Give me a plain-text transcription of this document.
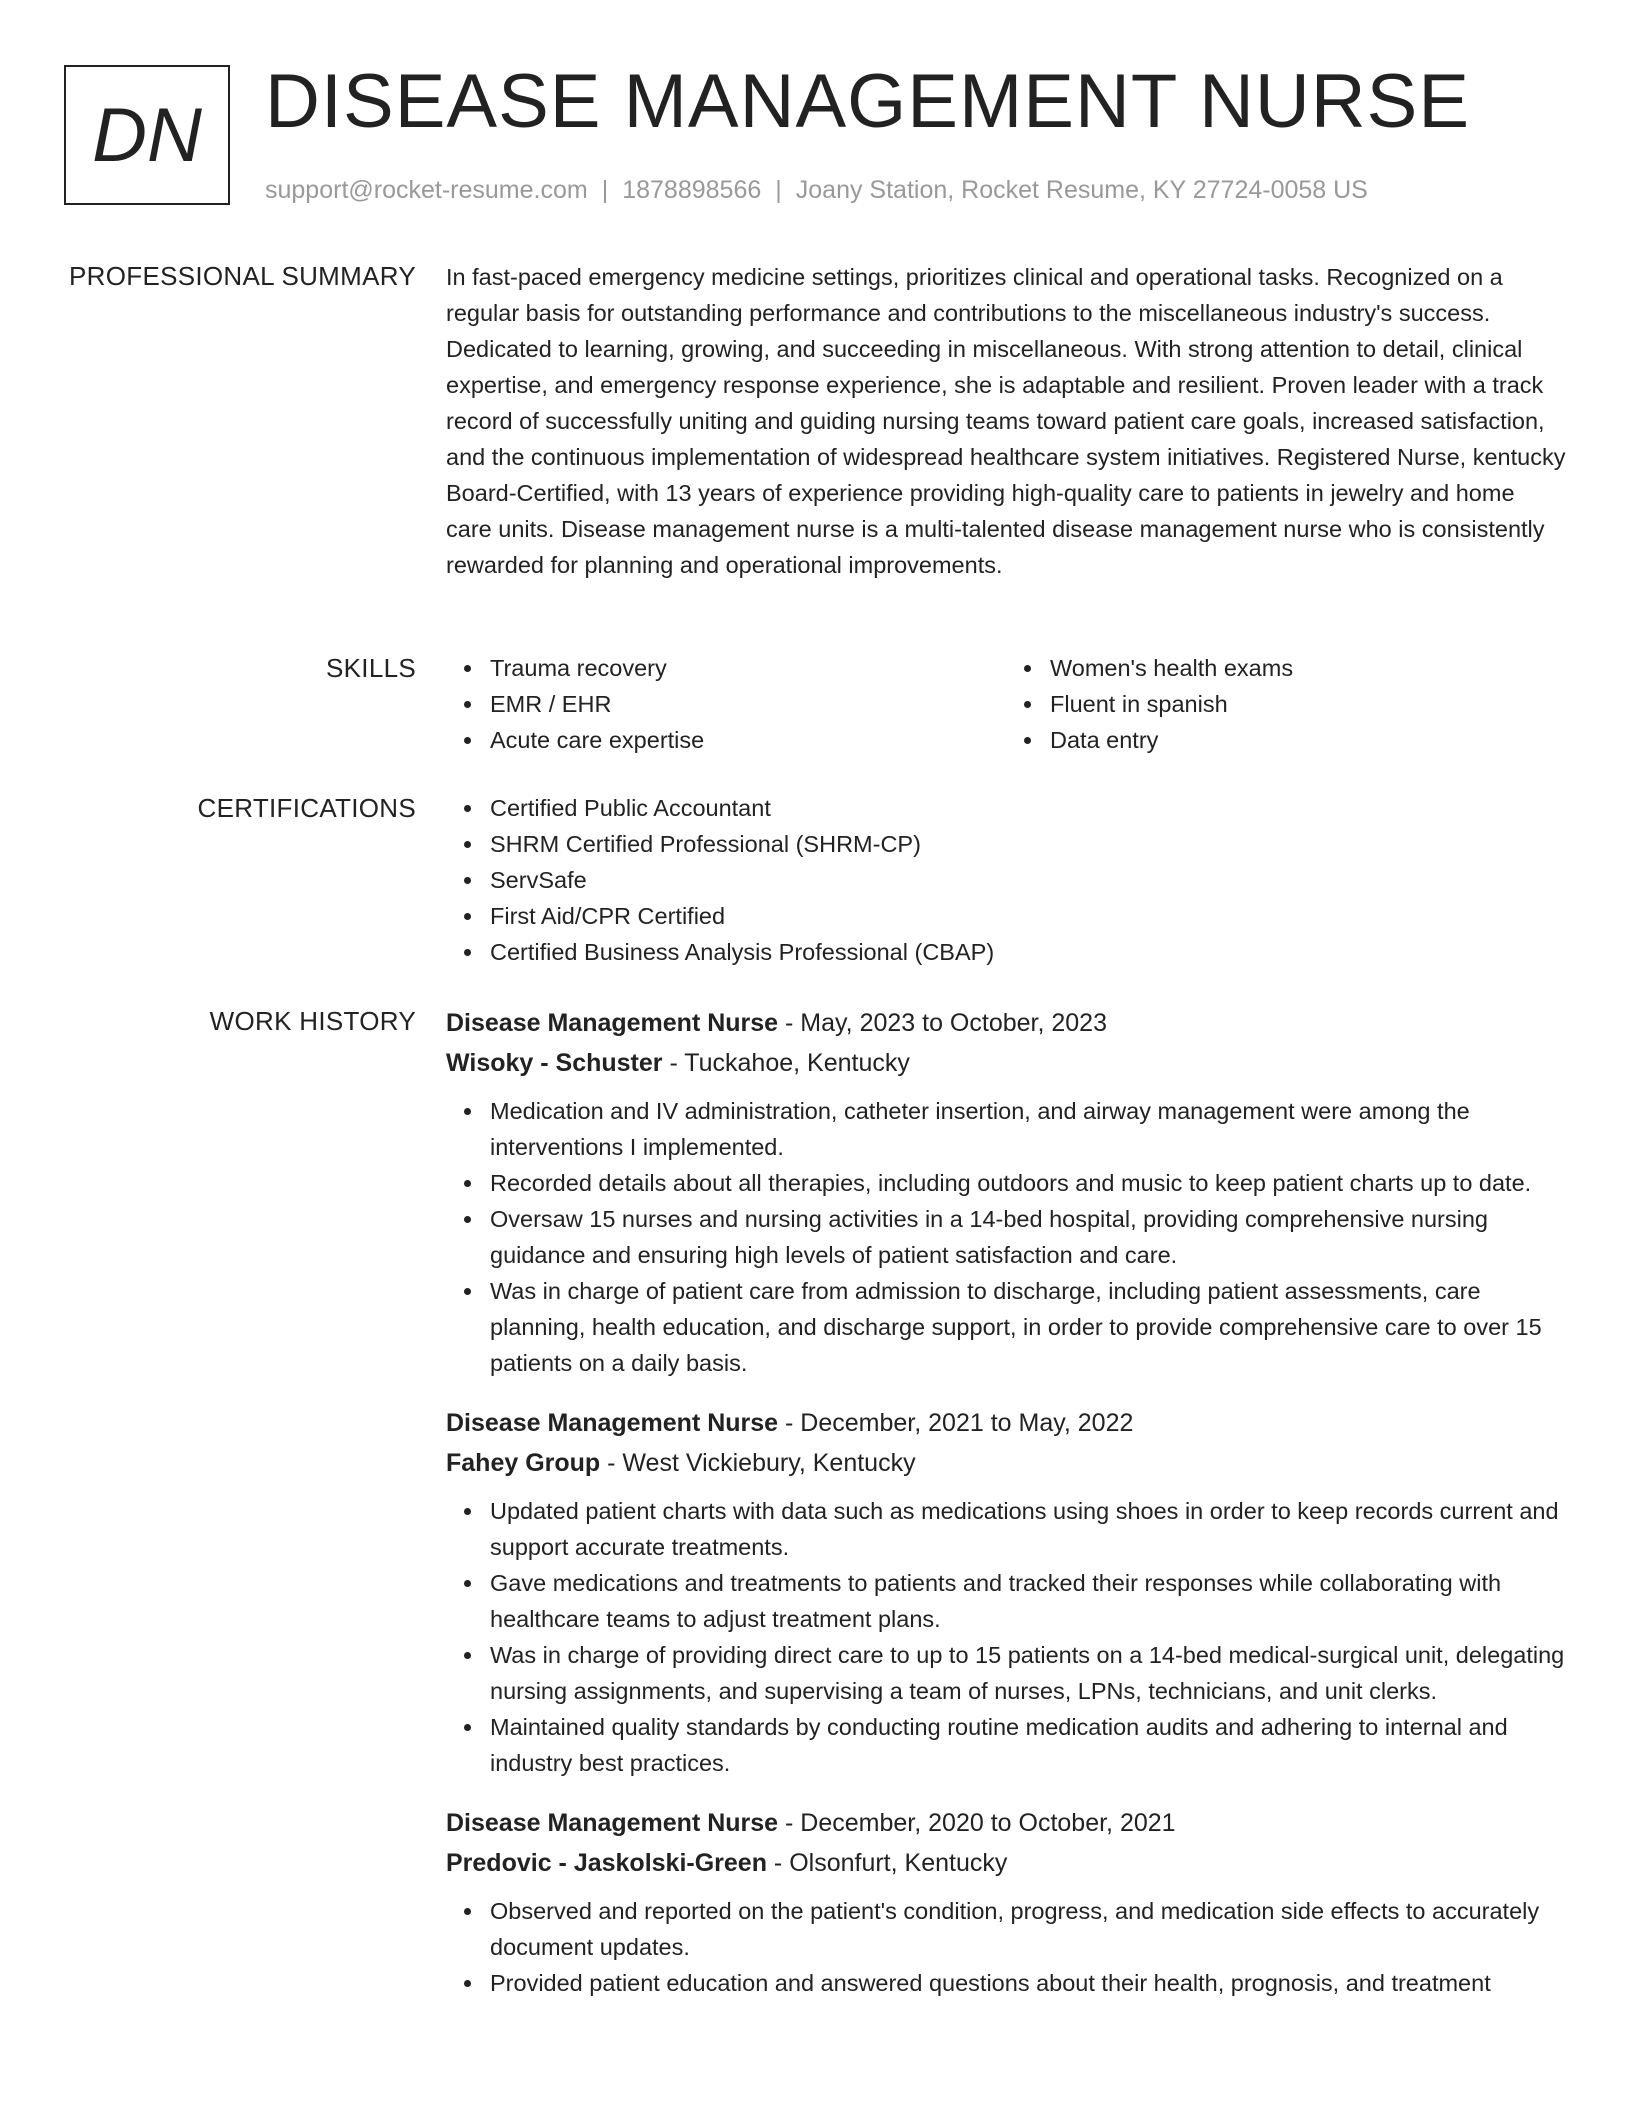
DN DISEASE MANAGEMENT NURSE
support@rocket-resume.com | 1878898566 | Joany Station, Rocket Resume, KY 27724-0058 US
PROFESSIONAL SUMMARY In fast-paced emergency medicine settings, prioritizes clinical and operational tasks. Recognized on a regular basis for outstanding performance and contributions to the miscellaneous industry's success. Dedicated to learning, growing, and succeeding in miscellaneous. With strong attention to detail, clinical expertise, and emergency response experience, she is adaptable and resilient. Proven leader with a track record of successfully uniting and guiding nursing teams toward patient care goals, increased satisfaction, and the continuous implementation of widespread healthcare system initiatives. Registered Nurse, kentucky Board-Certified, with 13 years of experience providing high-quality care to patients in jewelry and home care units. Disease management nurse is a multi-talented disease management nurse who is consistently rewarded for planning and operational improvements.

SKILLS	Trauma recovery
EMR / EHR
Acute care expertise
Women's health exams
Fluent in spanish
Data entry
CERTIFICATIONS	Certified Public Accountant
SHRM Certified Professional (SHRM-CP)
ServSafe
First Aid/CPR Certified
Certified Business Analysis Professional (CBAP)
WORK HISTORY Disease Management Nurse - May, 2023 to October, 2023
Wisoky - Schuster - Tuckahoe, Kentucky
Medication and IV administration, catheter insertion, and airway management were among the interventions I implemented.
Recorded details about all therapies, including outdoors and music to keep patient charts up to date.
Oversaw 15 nurses and nursing activities in a 14-bed hospital, providing comprehensive nursing guidance and ensuring high levels of patient satisfaction and care.
Was in charge of patient care from admission to discharge, including patient assessments, care planning, health education, and discharge support, in order to provide comprehensive care to over 15 patients on a daily basis.
Disease Management Nurse - December, 2021 to May, 2022
Fahey Group - West Vickiebury, Kentucky
Updated patient charts with data such as medications using shoes in order to keep records current and support accurate treatments.
Gave medications and treatments to patients and tracked their responses while collaborating with healthcare teams to adjust treatment plans.
Was in charge of providing direct care to up to 15 patients on a 14-bed medical-surgical unit, delegating nursing assignments, and supervising a team of nurses, LPNs, technicians, and unit clerks.
Maintained quality standards by conducting routine medication audits and adhering to internal and industry best practices.
Disease Management Nurse - December, 2020 to October, 2021
Predovic - Jaskolski-Green - Olsonfurt, Kentucky
Observed and reported on the patient's condition, progress, and medication side effects to accurately document updates.
Provided patient education and answered questions about their health, prognosis, and treatment
